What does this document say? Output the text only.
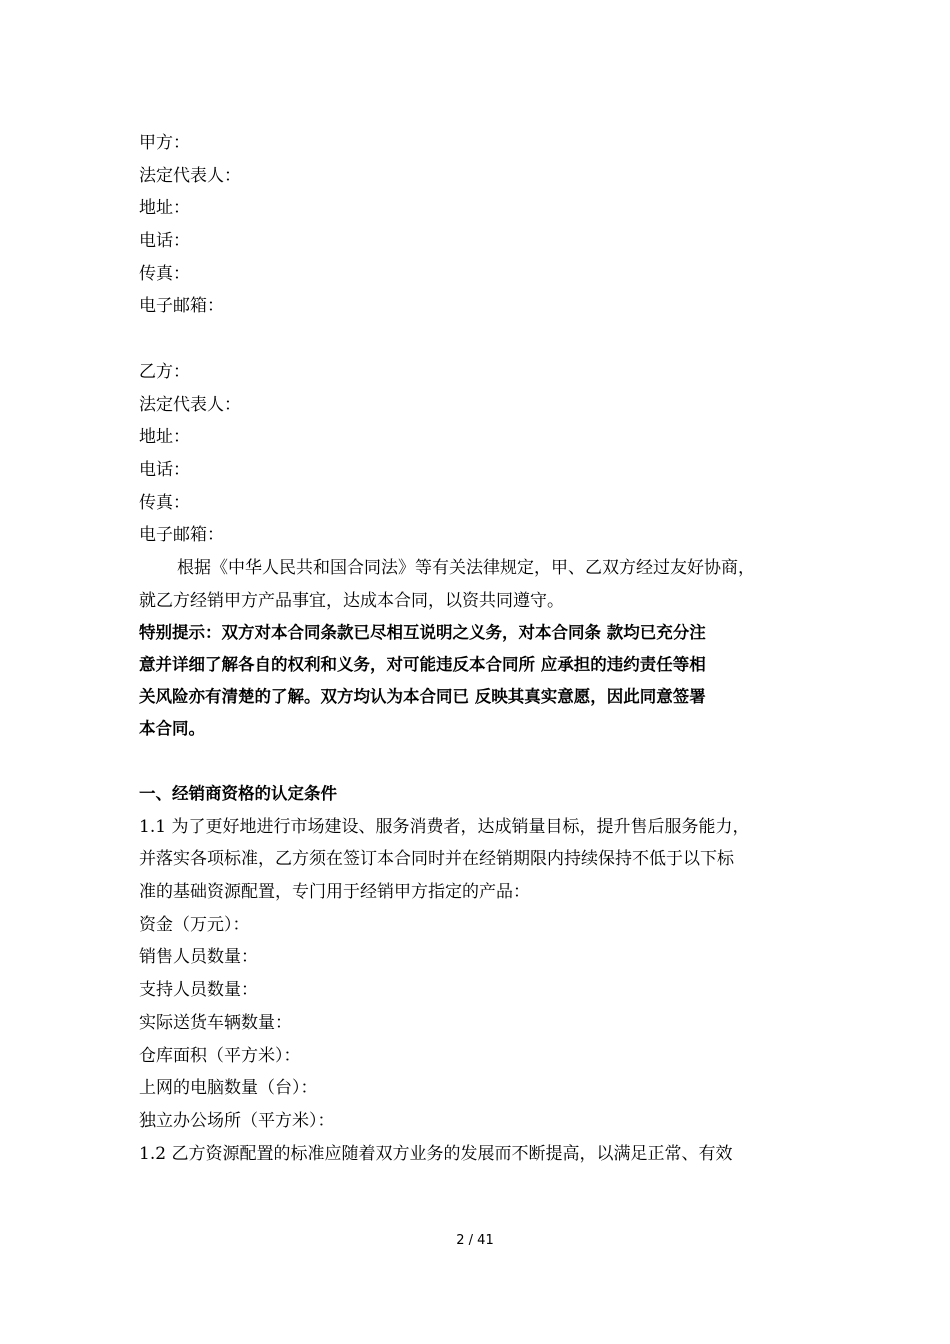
甲方：
法定代表人：
地址：
电话：
传真：
电子邮箱：
乙方：
法定代表人：
地址：
电话：
传真：
电子邮箱：
根据《中华人民共和国合同法》等有关法律规定，甲、乙双方经过友好协商，
就乙方经销甲方产品事宜，达成本合同，以资共同遵守。
特别提示：双方对本合同条款已尽相互说明之义务，对本合同条 款均已充分注
意并详细了解各自的权利和义务，对可能违反本合同所 应承担的违约责任等相
关风险亦有清楚的了解。双方均认为本合同已 反映其真实意愿，因此同意签署
本合同。
一、经销商资格的认定条件
1.1 为了更好地进行市场建设、服务消费者，达成销量目标，提升售后服务能力，
并落实各项标准，乙方须在签订本合同时并在经销期限内持续保持不低于以下标
准的基础资源配置，专门用于经销甲方指定的产品：
资金（万元）：
销售人员数量：
支持人员数量：
实际送货车辆数量：
仓库面积（平方米）：
上网的电脑数量（台）：
独立办公场所（平方米）：
1.2 乙方资源配置的标准应随着双方业务的发展而不断提高，以满足正常、有效
2 / 41
